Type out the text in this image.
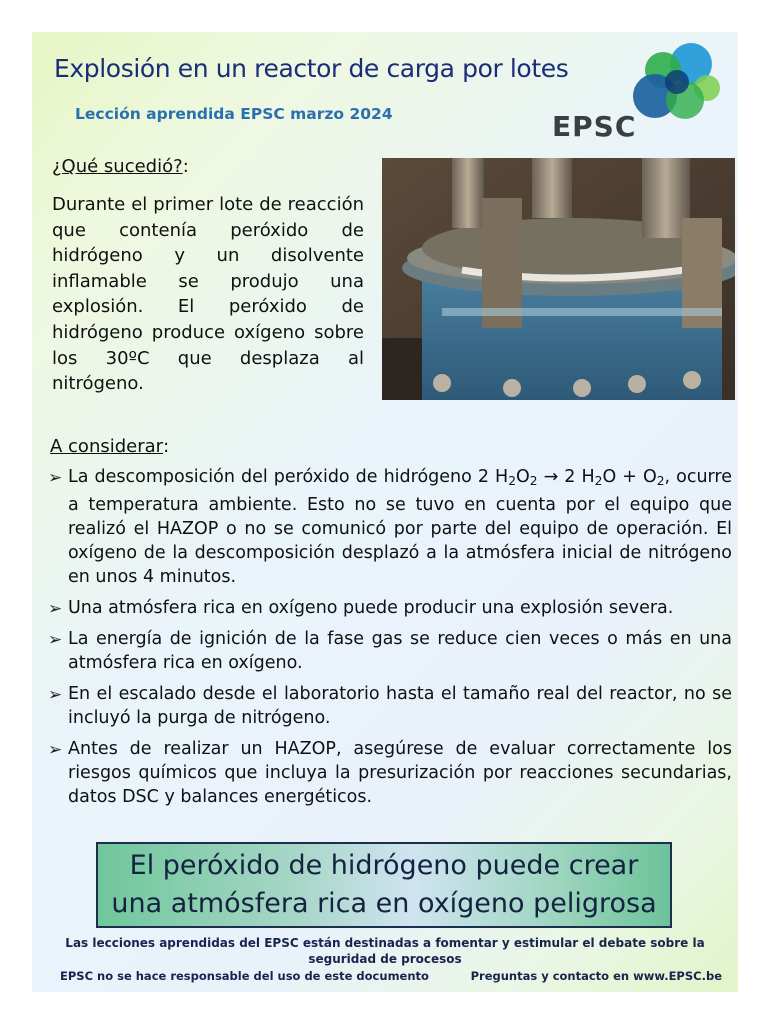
Explosión en un reactor de carga por lotes
Lección aprendida EPSC marzo 2024	EPSC
¿Qué sucedió?:
Durante el primer lote de reacción que contenía peróxido de hidrógeno y un disolvente inflamable se produjo una explosión. El peróxido de hidrógeno produce oxígeno sobre los 30ºC que desplaza al nitrógeno.
A considerar:
➢ La descomposición del peróxido de hidrógeno 2 $H_2O_2 \to 2$ $H_2O + O_2$, ocurre a temperatura ambiente. Esto no se tuvo en cuenta por el equipo que realizó el HAZOP o no se comunicó por parte del equipo de operación. El oxígeno de la descomposición desplazó a la atmósfera inicial de nitrógeno en unos 4 minutos.
➢ Una atmósfera rica en oxígeno puede producir una explosión severa.
➢ La energía de ignición de la fase gas se reduce cien veces o más en una atmósfera rica en oxígeno.
➢ En el escalado desde el laboratorio hasta el tamaño real del reactor, no se incluyó la purga de nitrógeno.
➢ Antes de realizar un HAZOP, asegúrese de evaluar correctamente los riesgos químicos que incluya la presurización por reacciones secundarias, datos DSC y balances energéticos.
El peróxido de hidrógeno puede crear
una atmósfera rica en oxígeno peligrosa
Las lecciones aprendidas del EPSC están destinadas a fomentar y estimular el debate sobre la seguridad de procesos
EPSC no se hace responsable del uso de este documento	Preguntas y contacto en www.EPSC.be
